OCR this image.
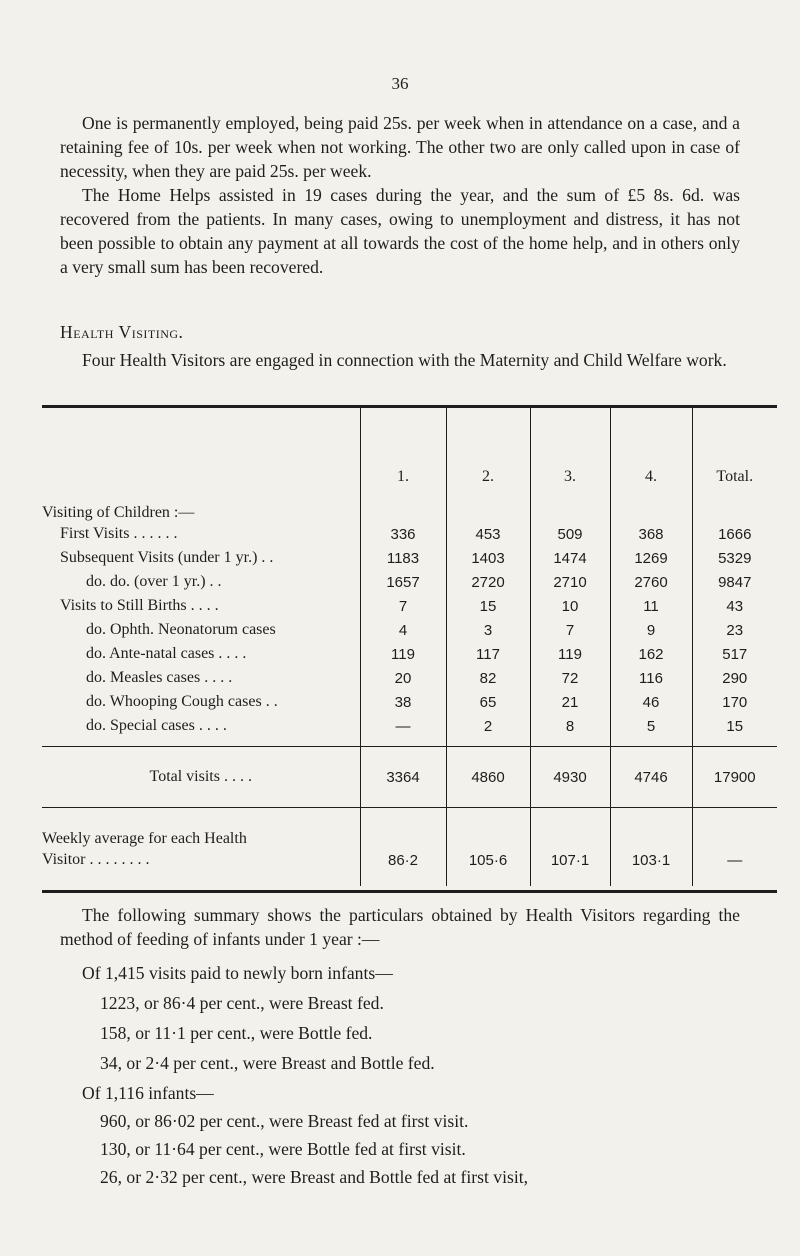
36

One is permanently employed, being paid 25s. per week when in attendance on a case, and a retaining fee of 10s. per week when not working. The other two are only called upon in case of necessity, when they are paid 25s. per week.

The Home Helps assisted in 19 cases during the year, and the sum of £5 8s. 6d. was recovered from the patients. In many cases, owing to unemployment and distress, it has not been possible to obtain any payment at all towards the cost of the home help, and in others only a very small sum has been recovered.

Health Visiting.

Four Health Visitors are engaged in connection with the Maternity and Child Welfare work.

	1.	2.	3.	4.	Total.
Visiting of Children :—					
First Visits . . . . . .	336	453	509	368	1666
Subsequent Visits (under 1 yr.) . .	1183	1403	1474	1269	5329
do. do. (over 1 yr.) . .	1657	2720	2710	2760	9847
Visits to Still Births . . . .	7	15	10	11	43
do. Ophth. Neonatorum cases	4	3	7	9	23
do. Ante-natal cases . . . .	119	117	119	162	517
do. Measles cases . . . .	20	82	72	116	290
do. Whooping Cough cases . .	38	65	21	46	170
do. Special cases . . . .	—	2	8	5	15

Total visits . . . .	3364	4860	4930	4746	17900
Weekly average for each Health					
Visitor . . . . . . . .	86·2	105·6	107·1	103·1	—

The following summary shows the particulars obtained by Health Visitors regarding the method of feeding of infants under 1 year :—

Of 1,415 visits paid to newly born infants—

1223, or 86·4 per cent., were Breast fed.

158, or 11·1 per cent., were Bottle fed.

34, or 2·4 per cent., were Breast and Bottle fed.

Of 1,116 infants—

960, or 86·02 per cent., were Breast fed at first visit.

130, or 11·64 per cent., were Bottle fed at first visit.

26, or 2·32 per cent., were Breast and Bottle fed at first visit,
